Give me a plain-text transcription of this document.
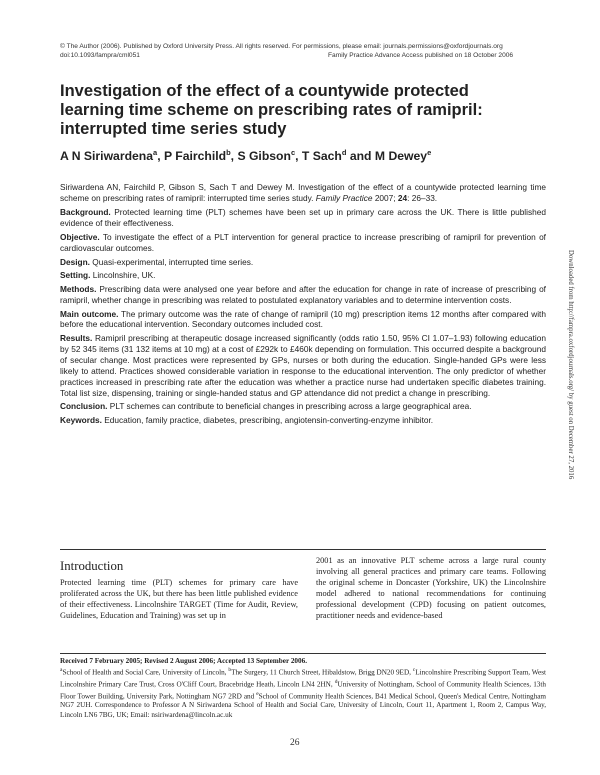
© The Author (2006). Published by Oxford University Press. All rights reserved. For permissions, please email: journals.permissions@oxfordjournals.org
doi:10.1093/fampra/cml051	Family Practice Advance Access published on 18 October 2006
Investigation of the effect of a countywide protected learning time scheme on prescribing rates of ramipril: interrupted time series study
A N Siriwardena$^a$, P Fairchild$^b$, S Gibson$^c$, T Sach$^d$ and M Dewey$^e$

Siriwardena AN, Fairchild P, Gibson S, Sach T and Dewey M. Investigation of the effect of a countywide protected learning time scheme on prescribing rates of ramipril: interrupted time series study. Family Practice 2007; 24: 26–33.

Background. Protected learning time (PLT) schemes have been set up in primary care across the UK. There is little published evidence of their effectiveness.

Objective. To investigate the effect of a PLT intervention for general practice to increase prescribing of ramipril for prevention of cardiovascular outcomes.

Design. Quasi-experimental, interrupted time series.

Setting. Lincolnshire, UK.

Methods. Prescribing data were analysed one year before and after the education for change in rate of increase of prescribing of ramipril, whether change in prescribing was related to postulated explanatory variables and to determine intervention costs.

Main outcome. The primary outcome was the rate of change of ramipril (10 mg) prescription items 12 months after compared with before the educational intervention. Secondary outcomes included cost.

Results. Ramipril prescribing at therapeutic dosage increased significantly (odds ratio 1.50, 95% CI 1.07–1.93) following education by 52 345 items (31 132 items at 10 mg) at a cost of £292k to £460k depending on formulation. This occurred despite a background of secular change. Most practices were represented by GPs, nurses or both during the education. Single-handed GPs were less likely to attend. Practices showed considerable variation in response to the educational intervention. The only predictor of whether practices increased in prescribing rate after the education was whether a practice nurse had undertaken specific diabetes training. Total list size, dispensing, training or single-handed status and GP attendance did not predict a change in prescribing.

Conclusion. PLT schemes can contribute to beneficial changes in prescribing across a large geographical area.

Keywords. Education, family practice, diabetes, prescribing, angiotensin-converting-enzyme inhibitor.

Introduction

Protected learning time (PLT) schemes for primary care have proliferated across the UK, but there has been little published evidence of their effectiveness. Lincolnshire TARGET (Time for Audit, Review, Guidelines, Education and Training) was set up in

2001 as an innovative PLT scheme across a large rural county involving all general practices and primary care teams. Following the original scheme in Doncaster (Yorkshire, UK) the Lincolnshire model adhered to national recommendations for continuing professional development (CPD) focusing on patient outcomes, practitioner needs and evidence-based

Received 7 February 2005; Revised 2 August 2006; Accepted 13 September 2006.

$^a$School of Health and Social Care, University of Lincoln, $^b$The Surgery, 11 Church Street, Hibaldstow, Brigg DN20 9ED, $^c$Lincolnshire Prescribing Support Team, West Lincolnshire Primary Care Trust, Cross O'Cliff Court, Bracebridge Heath, Lincoln LN4 2HN, $^d$University of Nottingham, School of Community Health Sciences, 13th Floor Tower Building, University Park, Nottingham NG7 2RD and $^e$School of Community Health Sciences, B41 Medical School, Queen's Medical Centre, Nottingham NG7 2UH. Correspondence to Professor A N Siriwardena School of Health and Social Care, University of Lincoln, Court 11, Apartment 1, Room 2, Campus Way, Lincoln LN6 7BG, UK; Email: nsiriwardena@lincoln.ac.uk

Downloaded from http://fampra.oxfordjournals.org/ by guest on December 27, 2016
26
